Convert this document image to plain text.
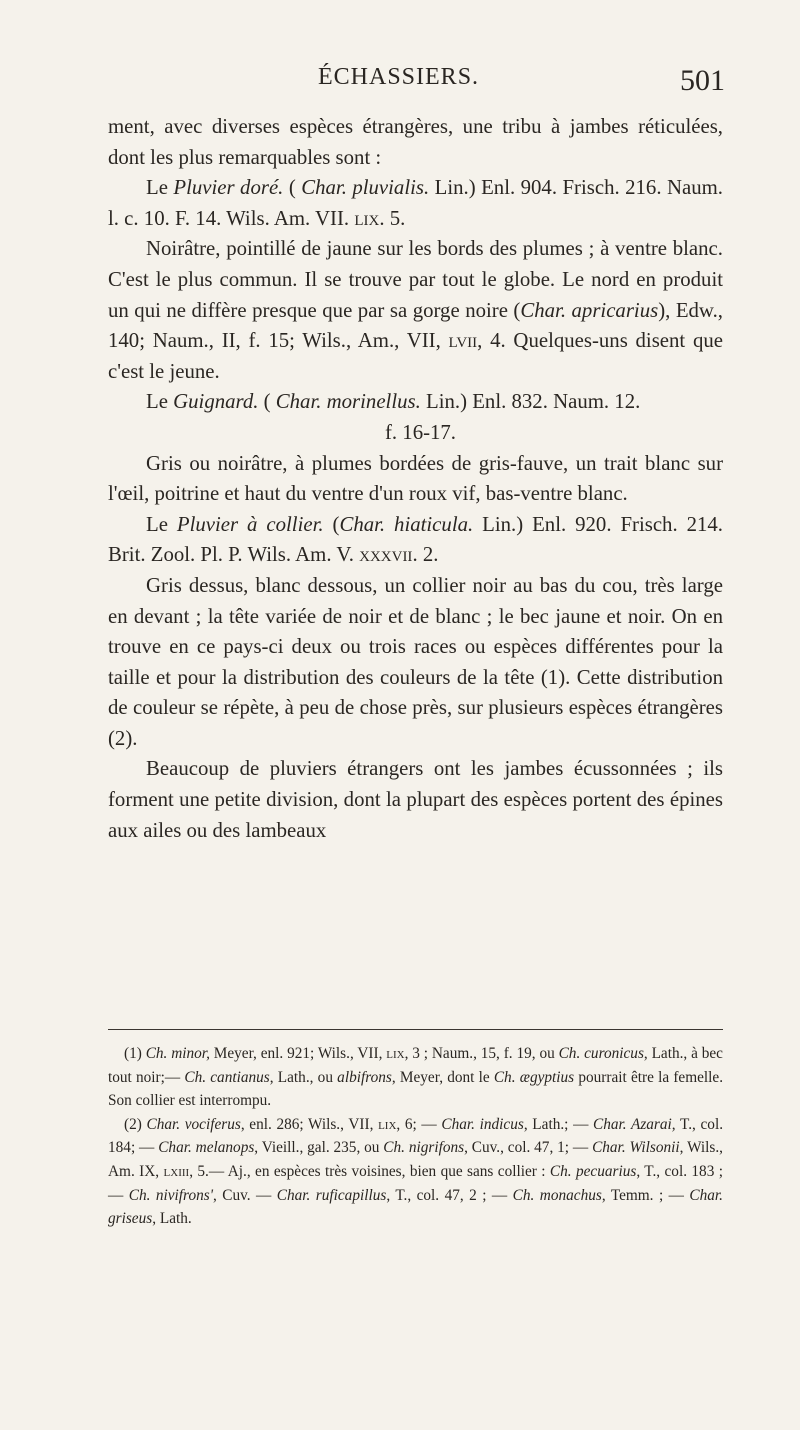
ÉCHASSIERS.	501

ment, avec diverses espèces étrangères, une tribu à jambes réticulées, dont les plus remarquables sont :

Le Pluvier doré. ( Char. pluvialis. Lin.) Enl. 904. Frisch. 216. Naum. l. c. 10. F. 14. Wils. Am. VII. lix. 5.

Noirâtre, pointillé de jaune sur les bords des plumes ; à ventre blanc. C'est le plus commun. Il se trouve par tout le globe. Le nord en produit un qui ne diffère presque que par sa gorge noire (Char. apricarius), Edw., 140; Naum., II, f. 15; Wils., Am., VII, lvii, 4. Quelques-uns disent que c'est le jeune.

Le Guignard. ( Char. morinellus. Lin.) Enl. 832. Naum. 12.

f. 16-17.

Gris ou noirâtre, à plumes bordées de gris-fauve, un trait blanc sur l'œil, poitrine et haut du ventre d'un roux vif, bas-ventre blanc.

Le Pluvier à collier. (Char. hiaticula. Lin.) Enl. 920. Frisch. 214. Brit. Zool. Pl. P. Wils. Am. V. xxxvii. 2.

Gris dessus, blanc dessous, un collier noir au bas du cou, très large en devant ; la tête variée de noir et de blanc ; le bec jaune et noir. On en trouve en ce pays-ci deux ou trois races ou espèces différentes pour la taille et pour la distribution des couleurs de la tête (1). Cette distribution de couleur se répète, à peu de chose près, sur plusieurs espèces étrangères (2).

Beaucoup de pluviers étrangers ont les jambes écussonnées ; ils forment une petite division, dont la plupart des espèces portent des épines aux ailes ou des lambeaux

(1) Ch. minor, Meyer, enl. 921; Wils., VII, lix, 3 ; Naum., 15, f. 19, ou Ch. curonicus, Lath., à bec tout noir;— Ch. cantianus, Lath., ou albifrons, Meyer, dont le Ch. ægyptius pourrait être la femelle. Son collier est interrompu.

(2) Char. vociferus, enl. 286; Wils., VII, lix, 6; — Char. indicus, Lath.; — Char. Azarai, T., col. 184; — Char. melanops, Vieill., gal. 235, ou Ch. nigrifons, Cuv., col. 47, 1; — Char. Wilsonii, Wils., Am. IX, lxiii, 5.— Aj., en espèces très voisines, bien que sans collier : Ch. pecuarius, T., col. 183 ; — Ch. nivifrons', Cuv. — Char. ruficapillus, T., col. 47, 2 ; — Ch. monachus, Temm. ; — Char. griseus, Lath.
